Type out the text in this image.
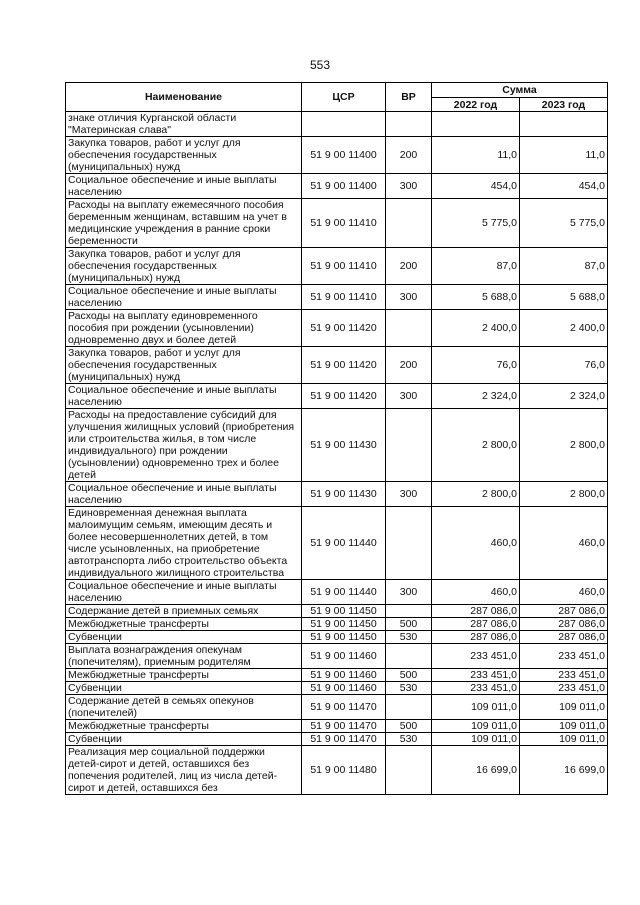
553
Наименование	ЦСР	ВР	Сумма	
			2022 год	2023 год
знаке отличия Курганской области "Материнская слава"				
Закупка товаров, работ и услуг для обеспечения государственных (муниципальных) нужд	51 9 00 11400	200	11,0	11,0
Социальное обеспечение и иные выплаты населению	51 9 00 11400	300	454,0	454,0
Расходы на выплату ежемесячного пособия беременным женщинам, вставшим на учет в медицинские учреждения в ранние сроки беременности	51 9 00 11410		5 775,0	5 775,0
Закупка товаров, работ и услуг для обеспечения государственных (муниципальных) нужд	51 9 00 11410	200	87,0	87,0
Социальное обеспечение и иные выплаты населению	51 9 00 11410	300	5 688,0	5 688,0
Расходы на выплату единовременного пособия при рождении (усыновлении) одновременно двух и более детей	51 9 00 11420		2 400,0	2 400,0
Закупка товаров, работ и услуг для обеспечения государственных (муниципальных) нужд	51 9 00 11420	200	76,0	76,0
Социальное обеспечение и иные выплаты населению	51 9 00 11420	300	2 324,0	2 324,0
Расходы на предоставление субсидий для улучшения жилищных условий (приобретения или строительства жилья, в том числе индивидуального) при рождении (усыновлении) одновременно трех и более детей	51 9 00 11430		2 800,0	2 800,0
Социальное обеспечение и иные выплаты населению	51 9 00 11430	300	2 800,0	2 800,0
Единовременная денежная выплата малоимущим семьям, имеющим десять и более несовершеннолетних детей, в том числе усыновленных, на приобретение автотранспорта либо строительство объекта индивидуального жилищного строительства	51 9 00 11440		460,0	460,0
Социальное обеспечение и иные выплаты населению	51 9 00 11440	300	460,0	460,0
Содержание детей в приемных семьях	51 9 00 11450		287 086,0	287 086,0
Межбюджетные трансферты	51 9 00 11450	500	287 086,0	287 086,0
Субвенции	51 9 00 11450	530	287 086,0	287 086,0
Выплата вознаграждения опекунам (попечителям), приемным родителям	51 9 00 11460		233 451,0	233 451,0
Межбюджетные трансферты	51 9 00 11460	500	233 451,0	233 451,0
Субвенции	51 9 00 11460	530	233 451,0	233 451,0
Содержание детей в семьях опекунов (попечителей)	51 9 00 11470		109 011,0	109 011,0
Межбюджетные трансферты	51 9 00 11470	500	109 011,0	109 011,0
Субвенции	51 9 00 11470	530	109 011,0	109 011,0
Реализация мер социальной поддержки детей-сирот и детей, оставшихся без попечения родителей, лиц из числа детей-сирот и детей, оставшихся без	51 9 00 11480		16 699,0	16 699,0
